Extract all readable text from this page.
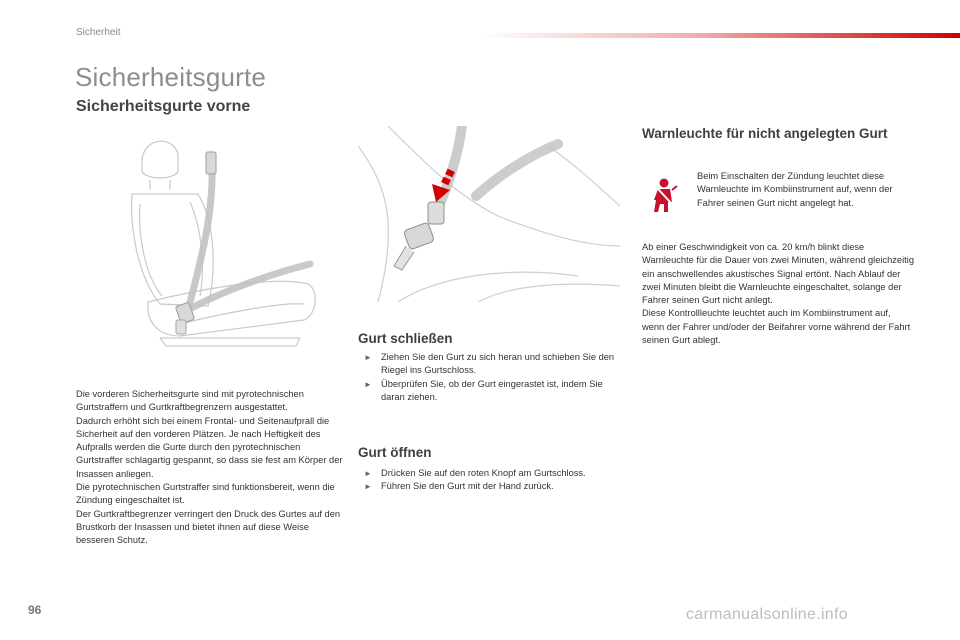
Sicherheit
Sicherheitsgurte
Sicherheitsgurte vorne

Die vorderen Sicherheitsgurte sind mit pyrotechnischen Gurtstraffern und Gurtkraftbegrenzern ausgestattet.

Dadurch erhöht sich bei einem Frontal- und Seitenaufprall die Sicherheit auf den vorderen Plätzen. Je nach Heftigkeit des Aufpralls werden die Gurte durch den pyrotechnischen Gurtstraffer schlagartig gespannt, so dass sie fest am Körper der Insassen anliegen.

Die pyrotechnischen Gurtstraffer sind funktionsbereit, wenn die Zündung eingeschaltet ist.

Der Gurtkraftbegrenzer verringert den Druck des Gurtes auf den Brustkorb der Insassen und bietet ihnen auf diese Weise besseren Schutz.

Gurt schließen
► Ziehen Sie den Gurt zu sich heran und schieben Sie den Riegel ins Gurtschloss.
► Überprüfen Sie, ob der Gurt eingerastet ist, indem Sie daran ziehen.
Gurt öffnen
► Drücken Sie auf den roten Knopf am Gurtschloss.
► Führen Sie den Gurt mit der Hand zurück.
Warnleuchte für nicht angelegten Gurt
Beim Einschalten der Zündung leuchtet diese Warnleuchte im Kombiinstrument auf, wenn der Fahrer seinen Gurt nicht angelegt hat.

Ab einer Geschwindigkeit von ca. 20 km/h blinkt diese Warnleuchte für die Dauer von zwei Minuten, während gleichzeitig ein anschwellendes akustisches Signal ertönt. Nach Ablauf der zwei Minuten bleibt die Warnleuchte eingeschaltet, solange der Fahrer seinen Gurt nicht anlegt.

Diese Kontrollleuchte leuchtet auch im Kombiinstrument auf, wenn der Fahrer und/oder der Beifahrer vorne während der Fahrt seinen Gurt ablegt.

96	carmanualsonline.info
